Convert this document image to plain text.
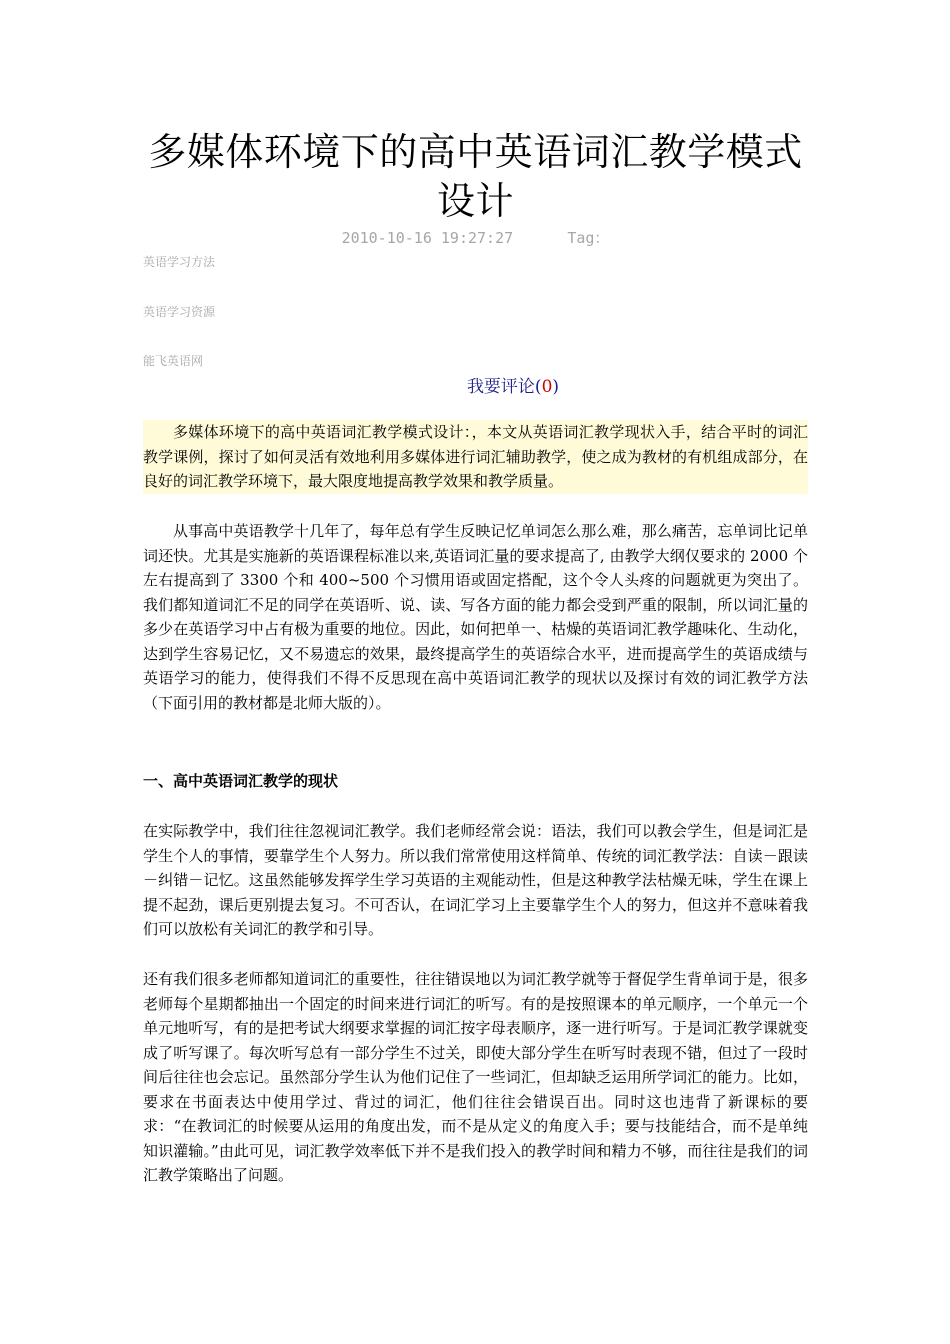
多媒体环境下的高中英语词汇教学模式设计
2010-10-16 19:27:27      Tag：
英语学习方法
英语学习资源
能飞英语网
我要评论(0)

多媒体环境下的高中英语词汇教学模式设计：，本文从英语词汇教学现状入手，结合平时的词汇教学课例，探讨了如何灵活有效地利用多媒体进行词汇辅助教学，使之成为教材的有机组成部分，在良好的词汇教学环境下，最大限度地提高教学效果和教学质量。

从事高中英语教学十几年了，每年总有学生反映记忆单词怎么那么难，那么痛苦，忘单词比记单词还快。尤其是实施新的英语课程标准以来,英语词汇量的要求提高了, 由教学大纲仅要求的 2000 个左右提高到了 3300 个和 400~500 个习惯用语或固定搭配，这个令人头疼的问题就更为突出了。我们都知道词汇不足的同学在英语听、说、读、写各方面的能力都会受到严重的限制，所以词汇量的多少在英语学习中占有极为重要的地位。因此，如何把单一、枯燥的英语词汇教学趣味化、生动化，达到学生容易记忆，又不易遗忘的效果，最终提高学生的英语综合水平，进而提高学生的英语成绩与英语学习的能力，使得我们不得不反思现在高中英语词汇教学的现状以及探讨有效的词汇教学方法（下面引用的教材都是北师大版的）。

一、高中英语词汇教学的现状

在实际教学中，我们往往忽视词汇教学。我们老师经常会说：语法，我们可以教会学生，但是词汇是学生个人的事情，要靠学生个人努力。所以我们常常使用这样简单、传统的词汇教学法：自读－跟读－纠错－记忆。这虽然能够发挥学生学习英语的主观能动性，但是这种教学法枯燥无味，学生在课上提不起劲，课后更别提去复习。不可否认，在词汇学习上主要靠学生个人的努力，但这并不意味着我们可以放松有关词汇的教学和引导。

还有我们很多老师都知道词汇的重要性，往往错误地以为词汇教学就等于督促学生背单词于是，很多老师每个星期都抽出一个固定的时间来进行词汇的听写。有的是按照课本的单元顺序，一个单元一个单元地听写，有的是把考试大纲要求掌握的词汇按字母表顺序，逐一进行听写。于是词汇教学课就变成了听写课了。每次听写总有一部分学生不过关，即使大部分学生在听写时表现不错，但过了一段时间后往往也会忘记。虽然部分学生认为他们记住了一些词汇，但却缺乏运用所学词汇的能力。比如，要求在书面表达中使用学过、背过的词汇，他们往往会错误百出。同时这也违背了新课标的要求：“在教词汇的时候要从运用的角度出发，而不是从定义的角度入手；要与技能结合，而不是单纯知识灌输。”由此可见，词汇教学效率低下并不是我们投入的教学时间和精力不够，而往往是我们的词汇教学策略出了问题。
